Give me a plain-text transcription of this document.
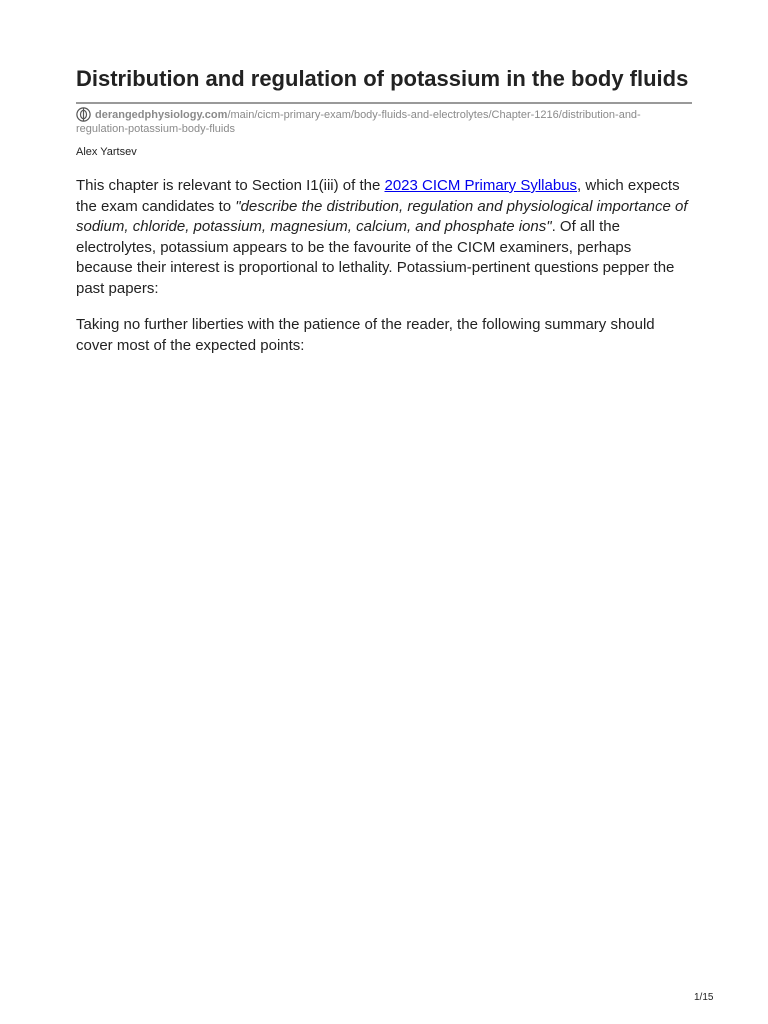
Distribution and regulation of potassium in the body fluids
derangedphysiology.com/main/cicm-primary-exam/body-fluids-and-electrolytes/Chapter-1216/distribution-and-regulation-potassium-body-fluids
Alex Yartsev

This chapter is relevant to Section I1(iii) of the 2023 CICM Primary Syllabus, which expects the exam candidates to "describe the distribution, regulation and physiological importance of sodium, chloride, potassium, magnesium, calcium, and phosphate ions". Of all the electrolytes, potassium appears to be the favourite of the CICM examiners, perhaps because their interest is proportional to lethality. Potassium-pertinent questions pepper the past papers:

Taking no further liberties with the patience of the reader, the following summary should cover most of the expected points:

1/15
